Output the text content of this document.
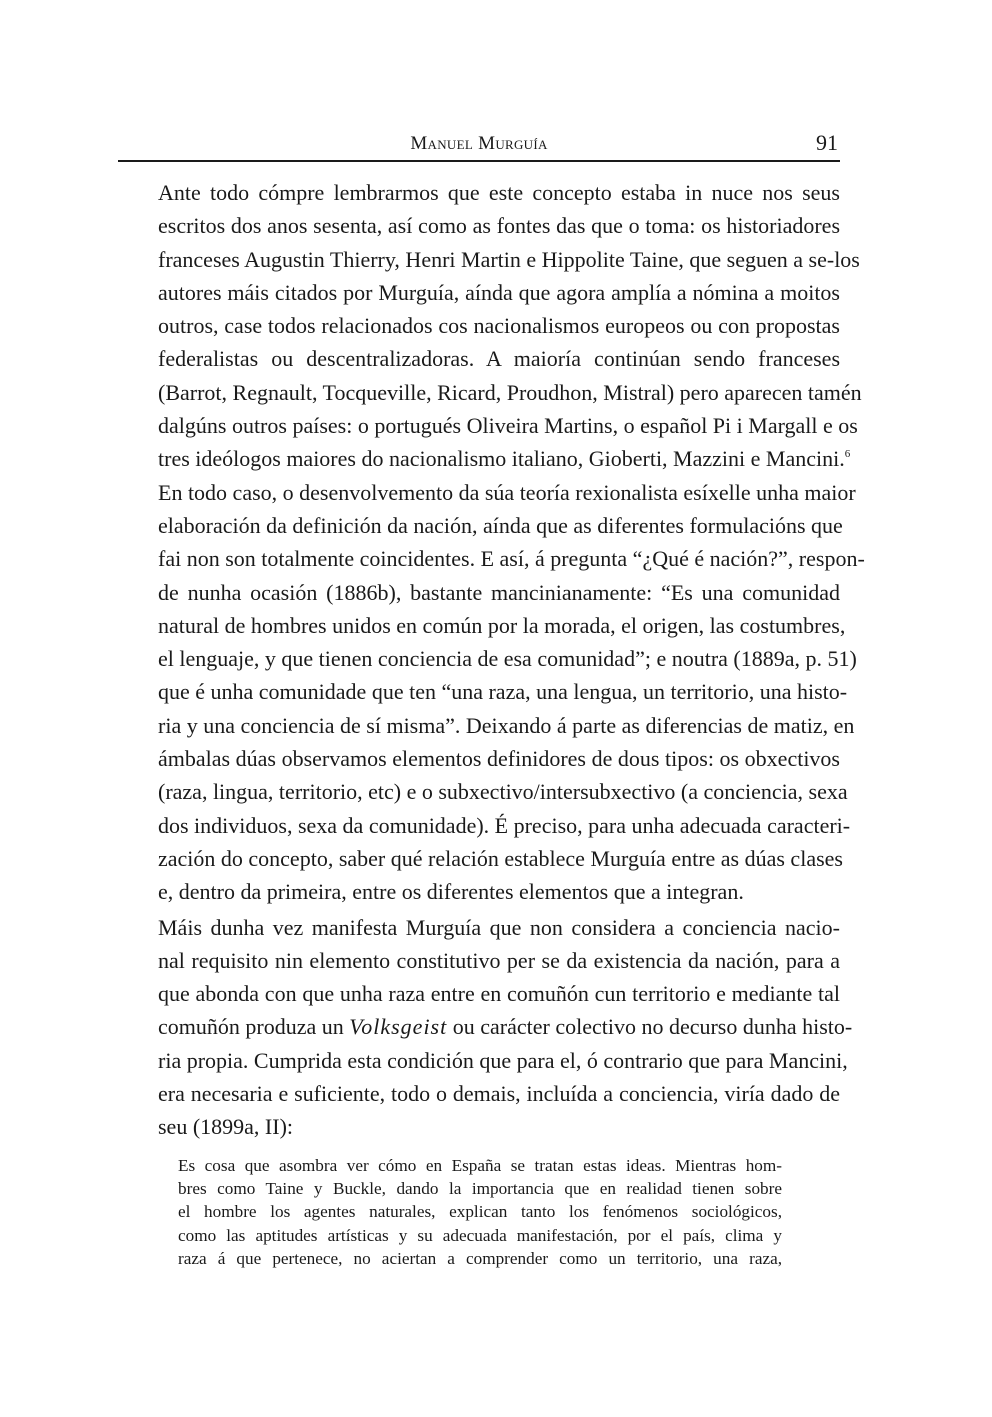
Manuel Murguía	91

Ante todo cómpre lembrarmos que este concepto estaba in nuce nos seus
escritos dos anos sesenta, así como as fontes das que o toma: os historiadores
franceses Augustin Thierry, Henri Martin e Hippolite Taine, que seguen a se-los
autores máis citados por Murguía, aínda que agora amplía a nómina a moitos
outros, case todos relacionados cos nacionalismos europeos ou con propostas
federalistas ou descentralizadoras. A maioría continúan sendo franceses
(Barrot, Regnault, Tocqueville, Ricard, Proudhon, Mistral) pero aparecen tamén
dalgúns outros países: o portugués Oliveira Martins, o español Pi i Margall e os
tres ideólogos maiores do nacionalismo italiano, Gioberti, Mazzini e Mancini.$^6$
En todo caso, o desenvolvemento da súa teoría rexionalista esíxelle unha maior
elaboración da definición da nación, aínda que as diferentes formulacións que
fai non son totalmente coincidentes. E así, á pregunta “¿Qué é nación?”, respon-
de nunha ocasión (1886b), bastante mancinianamente: “Es una comunidad
natural de hombres unidos en común por la morada, el origen, las costumbres,
el lenguaje, y que tienen conciencia de esa comunidad”; e noutra (1889a, p. 51)
que é unha comunidade que ten “una raza, una lengua, un territorio, una histo-
ria y una conciencia de sí misma”. Deixando á parte as diferencias de matiz, en
ámbalas dúas observamos elementos definidores de dous tipos: os obxectivos
(raza, lingua, territorio, etc) e o subxectivo/intersubxectivo (a conciencia, sexa
dos individuos, sexa da comunidade). É preciso, para unha adecuada caracteri-
zación do concepto, saber qué relación establece Murguía entre as dúas clases
e, dentro da primeira, entre os diferentes elementos que a integran.

Máis dunha vez manifesta Murguía que non considera a conciencia nacio-
nal requisito nin elemento constitutivo per se da existencia da nación, para a
que abonda con que unha raza entre en comuñón cun territorio e mediante tal
comuñón produza un Volksgeist ou carácter colectivo no decurso dunha histo-
ria propia. Cumprida esta condición que para el, ó contrario que para Mancini,
era necesaria e suficiente, todo o demais, incluída a conciencia, viría dado de
seu (1899a, II):

Es cosa que asombra ver cómo en España se tratan estas ideas. Mientras hom-
bres como Taine y Buckle, dando la importancia que en realidad tienen sobre
el hombre los agentes naturales, explican tanto los fenómenos sociológicos,
como las aptitudes artísticas y su adecuada manifestación, por el país, clima y
raza á que pertenece, no aciertan a comprender como un territorio, una raza,
